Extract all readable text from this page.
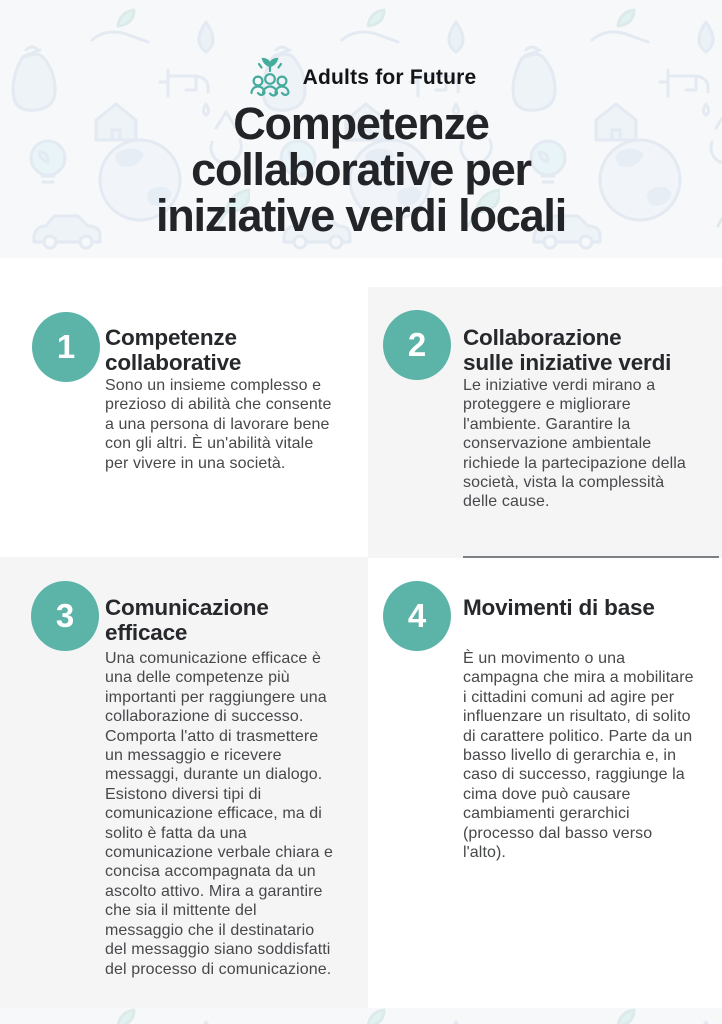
Adults for Future
Competenze
collaborative per
iniziative verdi locali
1	Competenze
collaborative
Sono un insieme complesso e prezioso di abilità che consente a una persona di lavorare bene con gli altri. È un'abilità vitale per vivere in una società.
2	Collaborazione
sulle iniziative verdi
Le iniziative verdi mirano a proteggere e migliorare l'ambiente. Garantire la conservazione ambientale richiede la partecipazione della società, vista la complessità delle cause.
3	Comunicazione
efficace
Una comunicazione efficace è una delle competenze più importanti per raggiungere una collaborazione di successo. Comporta l'atto di trasmettere un messaggio e ricevere messaggi, durante un dialogo. Esistono diversi tipi di comunicazione efficace, ma di solito è fatta da una comunicazione verbale chiara e concisa accompagnata da un ascolto attivo. Mira a garantire che sia il mittente del messaggio che il destinatario del messaggio siano soddisfatti del processo di comunicazione.
4	Movimenti di base
È un movimento o una campagna che mira a mobilitare i cittadini comuni ad agire per influenzare un risultato, di solito di carattere politico. Parte da un basso livello di gerarchia e, in caso di successo, raggiunge la cima dove può causare cambiamenti gerarchici (processo dal basso verso l'alto).
